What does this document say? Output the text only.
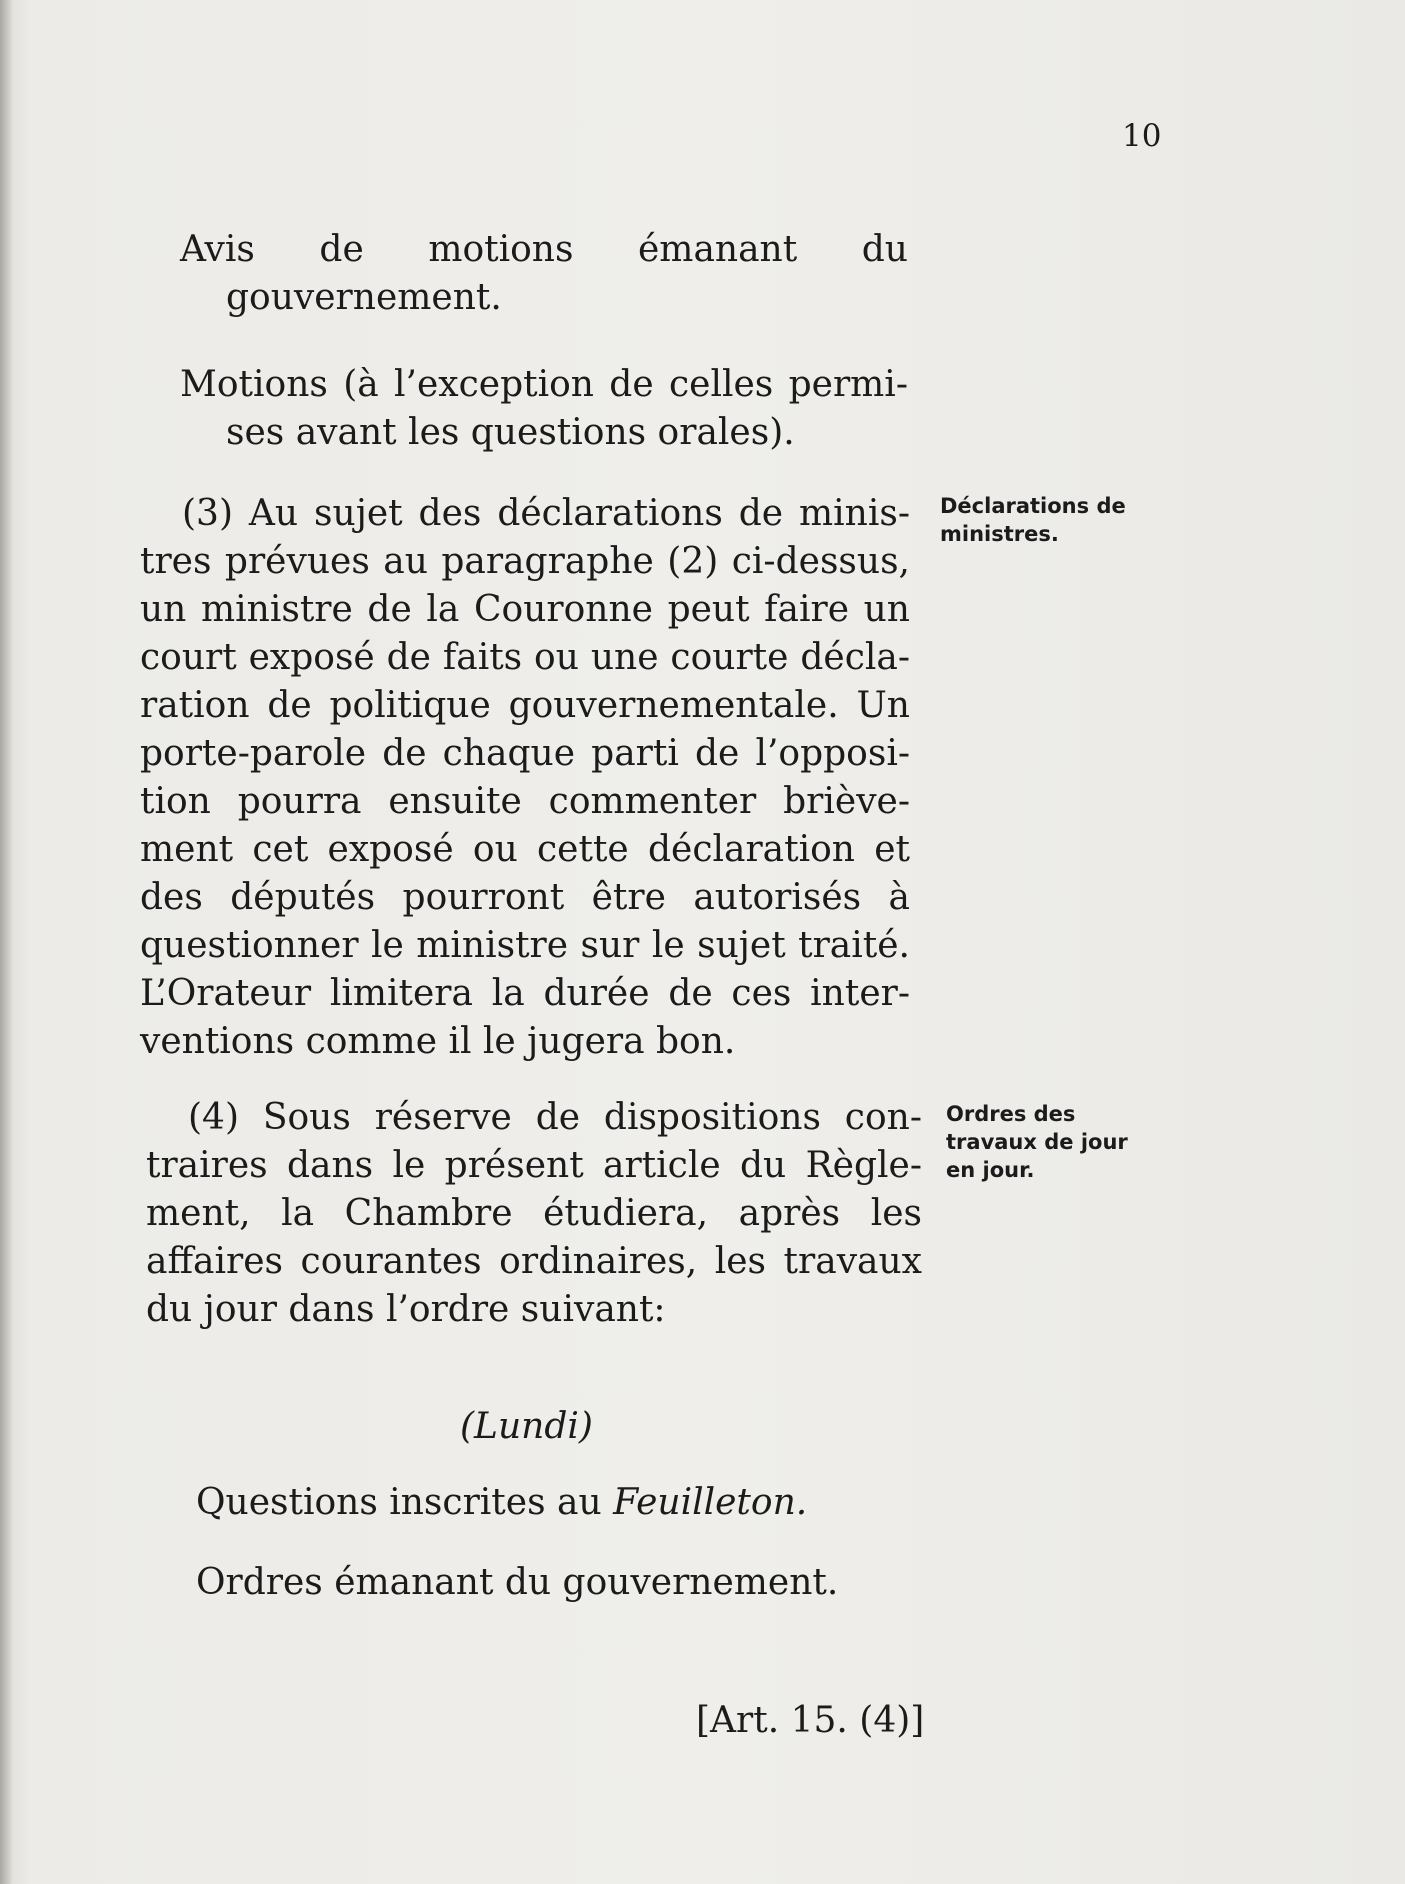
10
Avis de motions émanant du
gouvernement.
Motions (à l’exception de celles permi-
ses avant les questions orales).
(3) Au sujet des déclarations de minis-
tres prévues au paragraphe (2) ci-dessus,
un ministre de la Couronne peut faire un
court exposé de faits ou une courte décla-
ration de politique gouvernementale. Un
porte-parole de chaque parti de l’opposi-
tion pourra ensuite commenter briève-
ment cet exposé ou cette déclaration et
des députés pourront être autorisés à
questionner le ministre sur le sujet traité.
L’Orateur limitera la durée de ces inter-
ventions comme il le jugera bon.
Déclarations de
ministres.
(4) Sous réserve de dispositions con-
traires dans le présent article du Règle-
ment, la Chambre étudiera, après les
affaires courantes ordinaires, les travaux
du jour dans l’ordre suivant:
Ordres des
travaux de jour
en jour.
(Lundi)
Questions inscrites au Feuilleton.
Ordres émanant du gouvernement.
[Art. 15. (4)]
